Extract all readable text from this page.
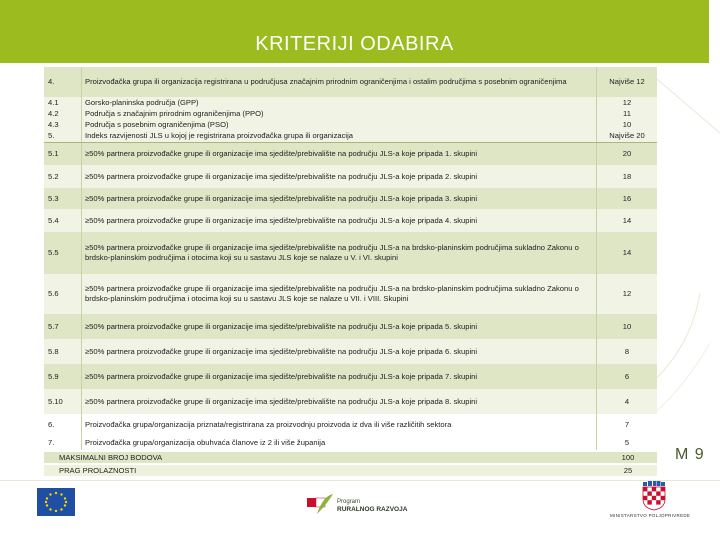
KRITERIJI ODABIRA
4.	Proizvođačka grupa ili organizacija registrirana u područjusa značajnim prirodnim ograničenjima i ostalim područjima s posebnim ograničenjima	Najviše 12
4.1	Gorsko-planinska područja (GPP)	12
4.2	Područja s značajnim prirodnim ograničenjima (PPO)	11
4.3	Područja s posebnim ograničenjima (PSO)	10
5.	Indeks razvijenosti JLS u kojoj je registrirana proizvođačka grupa ili organizacija	Najviše 20
5.1	≥50% partnera proizvođačke grupe ili organizacije ima sjedište/prebivalište na području JLS-a koje pripada 1. skupini	20
5.2	≥50% partnera proizvođačke grupe ili organizacije ima sjedište/prebivalište na području JLS-a koje pripada 2. skupini	18
5.3	≥50% partnera proizvođačke grupe ili organizacije ima sjedište/prebivalište na području JLS-a koje pripada 3. skupini	16
5.4	≥50% partnera proizvođačke grupe ili organizacije ima sjedište/prebivalište na području JLS-a koje pripada 4. skupini	14
5.5	≥50% partnera proizvođačke grupe ili organizacije ima sjedište/prebivalište na području JLS-a na brdsko-planinskim područjima sukladno Zakonu o brdsko-planinskim područjima i otocima koji su u sastavu JLS koje se nalaze u V. i VI. skupini	14
5.6	≥50% partnera proizvođačke grupe ili organizacije ima sjedište/prebivalište na području JLS-a na brdsko-planinskim područjima sukladno Zakonu o brdsko-planinskim područjima i otocima koji su u sastavu JLS koje se nalaze u VII. i VIII. Skupini	12
5.7	≥50% partnera proizvođačke grupe ili organizacije ima sjedište/prebivalište na području JLS-a koje pripada 5. skupini	10
5.8	≥50% partnera proizvođačke grupe ili organizacije ima sjedište/prebivalište na području JLS-a koje pripada 6. skupini	8
5.9	≥50% partnera proizvođačke grupe ili organizacije ima sjedište/prebivalište na području JLS-a koje pripada 7. skupini	6
5.10	≥50% partnera proizvođačke grupe ili organizacije ima sjedište/prebivalište na području JLS-a koje pripada 8. skupini	4
6.	Proizvođačka grupa/organizacija priznata/registrirana za proizvodnju proizvoda iz dva ili više različitih sektora	7
7.	Proizvođačka grupa/organizacija obuhvaća članove iz 2 ili više županija	5
MAKSIMALNI BROJ BODOVA	100
PRAG PROLAZNOSTI	25
M 9
Program
RURALNOG RAZVOJA
MINISTARSTVO POLJOPRIVREDE
